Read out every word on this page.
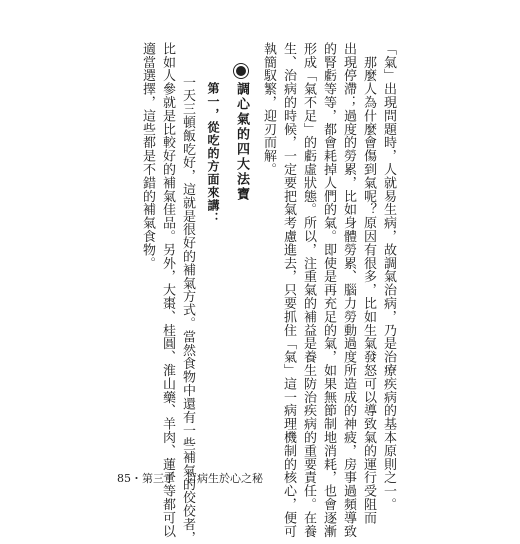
「氣」出現問題時，人就易生病，故調氣治病，乃是治療疾病的基本原則之一。
　那麼人為什麼會傷到氣呢？原因有很多，比如生氣發怒可以導致氣的運行受阻而
出現停滯；過度的勞累，比如身體勞累、腦力勞動過度所造成的神疲，房事過頻導致
的腎虧等等，都會耗掉人們的氣。即使是再充足的氣，如果無節制地消耗，也會逐漸
形成「氣不足」的虧虛狀態。所以，注重氣的補益是養生防治疾病的重要責任。在養
生、治病的時候，一定要把氣考慮進去，只要抓住「氣」這一病理機制的核心，便可
執簡馭繁，迎刃而解。
調心氣的四大法寶
第一，從吃的方面來講：
　一天三頓飯吃好，這就是很好的補氣方式。當然食物中還有一些補氣的佼佼者，
比如人參就是比較好的補氣佳品。另外，大棗、桂圓、淮山藥、羊肉、蓮子等都可以
適當選擇，這些都是不錯的補氣食物。
85・第三章　百病生於心之秘
